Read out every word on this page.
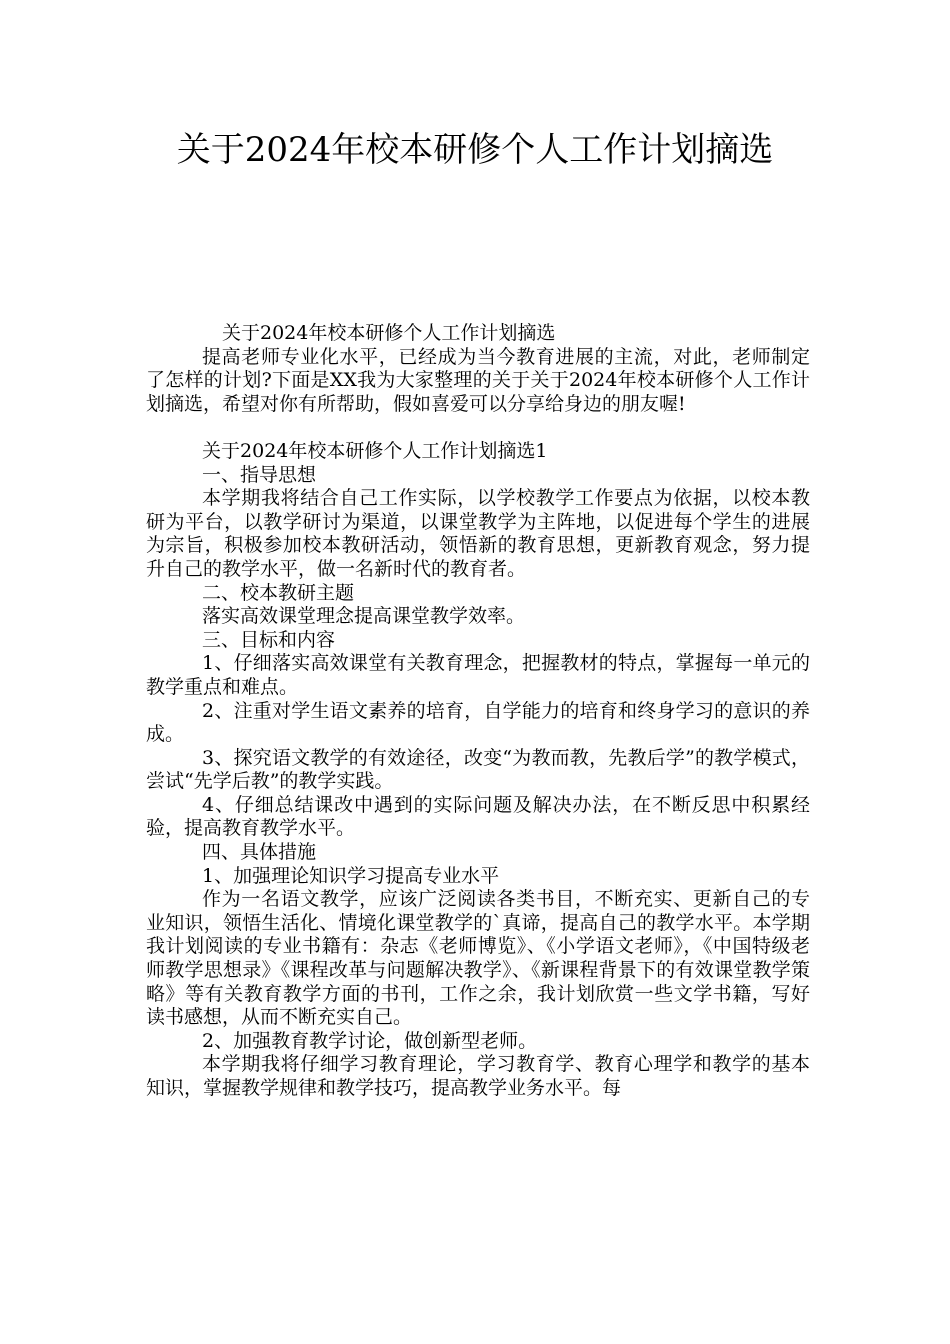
关于2024年校本研修个人工作计划摘选

关于2024年校本研修个人工作计划摘选

提高老师专业化水平，已经成为当今教育进展的主流，对此，老师制定了怎样的计划?下面是XX我为大家整理的关于关于2024年校本研修个人工作计划摘选，希望对你有所帮助，假如喜爱可以分享给身边的朋友喔!

关于2024年校本研修个人工作计划摘选1

一、指导思想

本学期我将结合自己工作实际，以学校教学工作要点为依据，以校本教研为平台，以教学研讨为渠道，以课堂教学为主阵地，以促进每个学生的进展为宗旨，积极参加校本教研活动，领悟新的教育思想，更新教育观念，努力提升自己的教学水平，做一名新时代的教育者。

二、校本教研主题

落实高效课堂理念提高课堂教学效率。

三、目标和内容

1、仔细落实高效课堂有关教育理念，把握教材的特点，掌握每一单元的教学重点和难点。

2、注重对学生语文素养的培育，自学能力的培育和终身学习的意识的养成。

3、探究语文教学的有效途径，改变“为教而教，先教后学”的教学模式，尝试“先学后教”的教学实践。

4、仔细总结课改中遇到的实际问题及解决办法，在不断反思中积累经验，提高教育教学水平。

四、具体措施

1、加强理论知识学习提高专业水平

作为一名语文教学，应该广泛阅读各类书目，不断充实、更新自己的专业知识，领悟生活化、情境化课堂教学的`真谛，提高自己的教学水平。本学期我计划阅读的专业书籍有：杂志《老师博览》、《小学语文老师》，《中国特级老师教学思想录》《课程改革与问题解决教学》、《新课程背景下的有效课堂教学策略》等有关教育教学方面的书刊，工作之余，我计划欣赏一些文学书籍，写好读书感想，从而不断充实自己。

2、加强教育教学讨论，做创新型老师。

本学期我将仔细学习教育理论，学习教育学、教育心理学和教学的基本知识，掌握教学规律和教学技巧，提高教学业务水平。每
